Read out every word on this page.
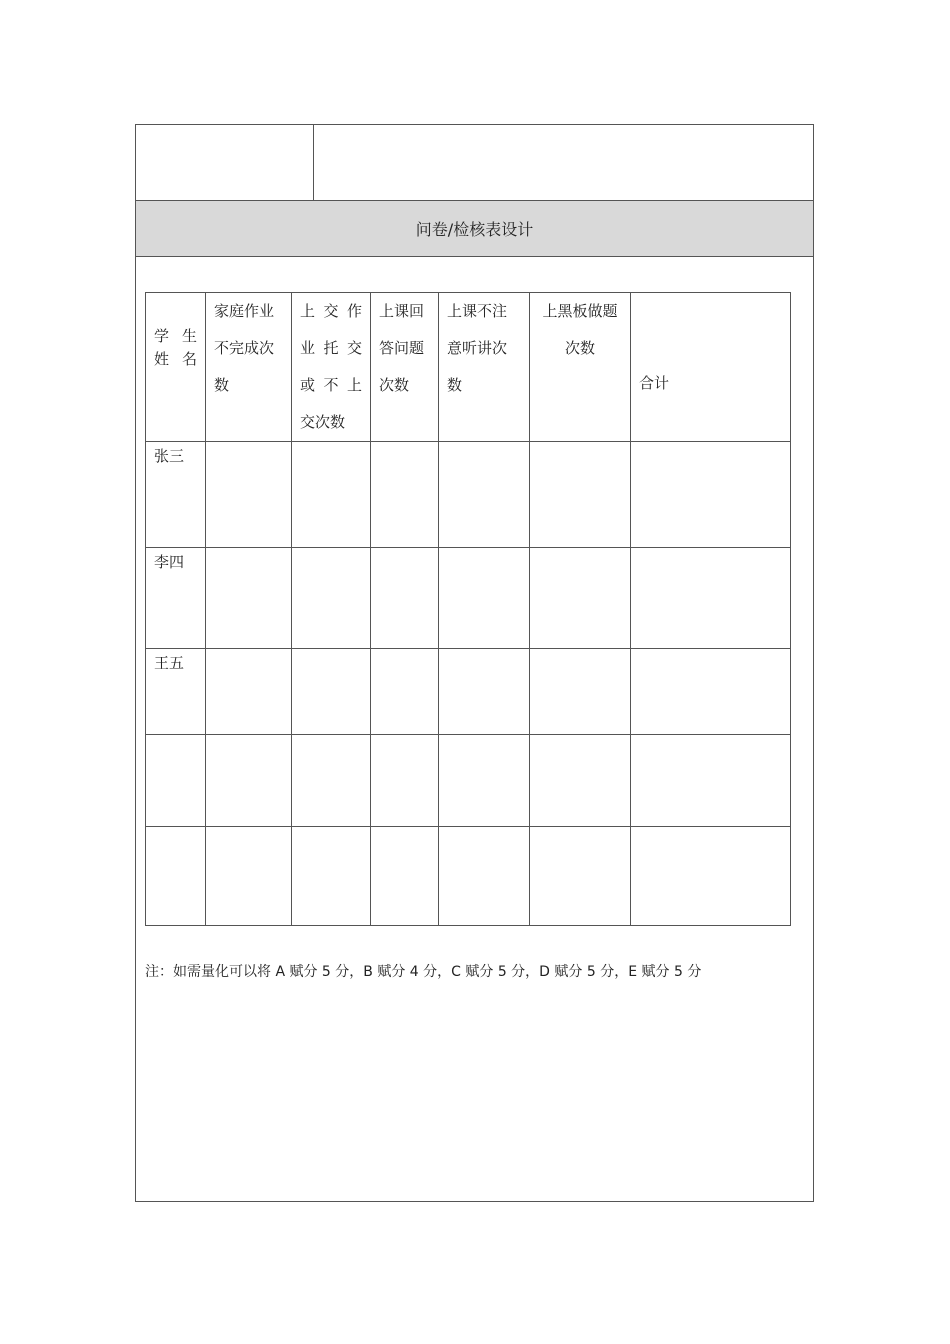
问卷/检核表设计
学 生 姓名	家庭作业不完成次数	上 交 作 业 托 交 或 不 上 交次数	上课回答问题次数	上课不注意听讲次数	上黑板做题次数	合计

张三						

李四						

王五						

注：如需量化可以将 A 赋分 5 分，B 赋分 4 分，C 赋分 5 分，D 赋分 5 分，E 赋分 5 分
